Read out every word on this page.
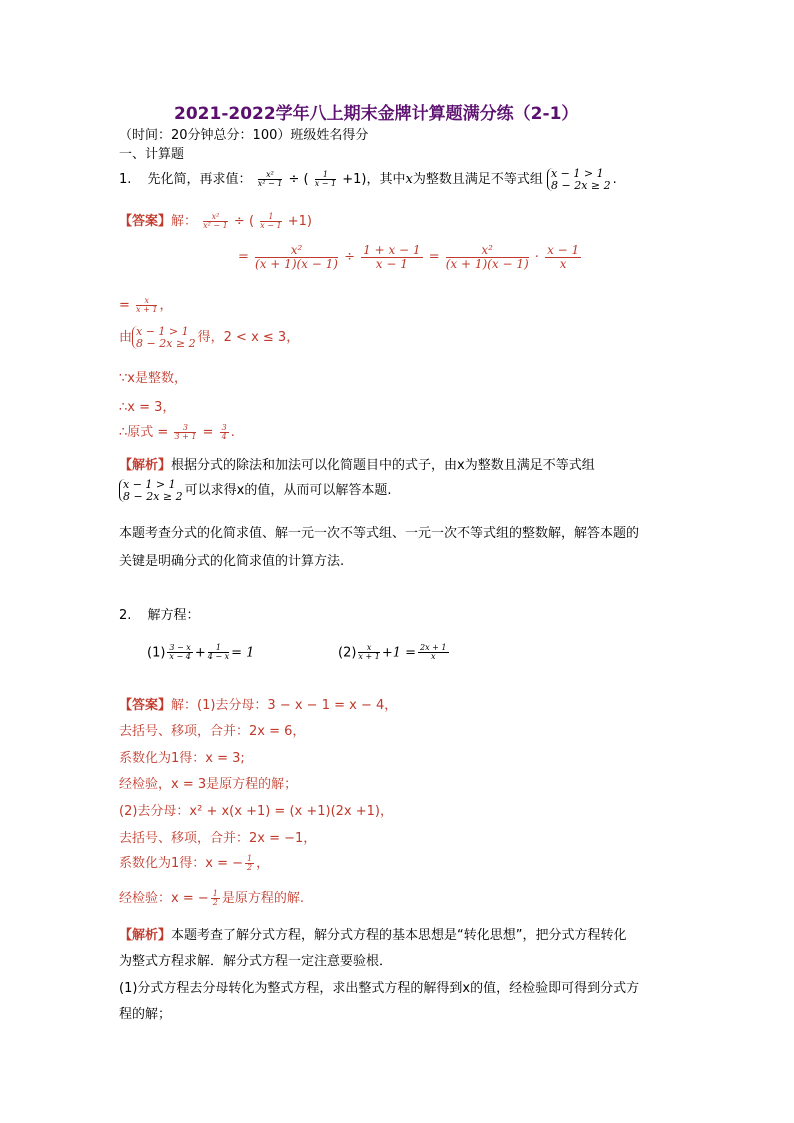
2021-2022学年八上期末金牌计算题满分练（2-1）
（时间：20分钟总分：100）班级姓名得分
一、计算题
1. 先化简，再求值： $\frac{\text{x²}}{\text{x² − 1}}$ ÷ ( $\frac{1}{x - 1} +1$)，其中x为整数且满足不等式组 x − 1 > 1
8 − 2x ≥ 2 .
【答案】解： $\frac{\text{x²}}{\text{x² − 1}}$ ÷ ( $\frac{1}{x - 1} +1$)
= $\frac{\text{x²}}{(x + 1)(x - 1)} \div \frac{1 + x - 1}{x - 1} = \frac{\text{x²}}{(x + 1)(x - 1)} \cdot \frac{x - 1}{x}$
= $\frac{x}{x + 1}$ ，
由 x − 1 > 1
8 − 2x ≥ 2 得，2 < x ≤ 3，
∵x是整数，
∴x = 3，
∴原式 = $\frac{3}{3 + 1} = \frac{3}{4}$ .
【解析】根据分式的除法和加法可以化简题目中的式子，由x为整数且满足不等式组
x − 1 > 1
8 − 2x ≥ 2 可以求得x的值，从而可以解答本题.
本题考查分式的化简求值、解一元一次不等式组、一元一次不等式组的整数解，解答本题的
关键是明确分式的化简求值的计算方法.
2. 解方程：
$(1) \frac{3 - x}{x - 4} + \frac{1}{4 - x} = 1$	$(2) \frac{x}{x + 1} +1 = \frac{2x + 1}{x}$
【答案】解：(1)去分母：3 − x − 1 = x − 4，
去括号、移项，合并：2x = 6，
系数化为1得：x = 3;
经检验，x = 3是原方程的解；
(2)去分母：x² + x(x +1) = (x +1)(2x +1)，
去括号、移项，合并：2x = −1，
系数化为1得：x = − $\frac{1}{2}$ ，
经检验：x = − $\frac{1}{2}$ 是原方程的解.
【解析】本题考查了解分式方程，解分式方程的基本思想是“转化思想”，把分式方程转化
为整式方程求解．解分式方程一定注意要验根．
(1)分式方程去分母转化为整式方程，求出整式方程的解得到x的值，经检验即可得到分式方
程的解；
